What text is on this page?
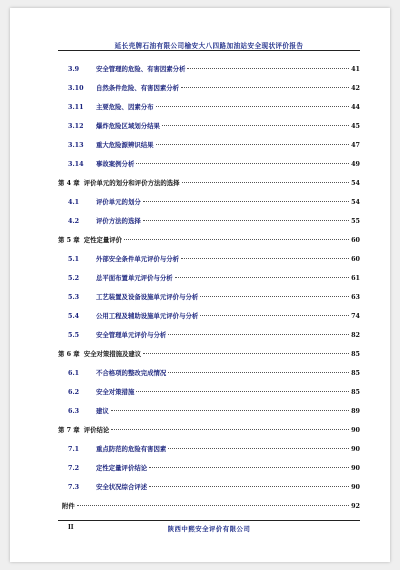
延长壳牌石油有限公司榆安大八四路加油站安全现状评价报告
3.9	安全管理的危险、有害因素分析	41
3.10	自然条件危险、有害因素分析	42
3.11	主要危险、因素分布	44
3.12	爆炸危险区域划分结果	45
3.13	重大危险源辨识结果	47
3.14	事故案例分析	49
第 4 章 评价单元的划分和评价方法的选择	54
4.1	评价单元的划分	54
4.2	评价方法的选择	55
第 5 章 定性定量评价	60
5.1	外部安全条件单元评价与分析	60
5.2	总平面布置单元评价与分析	61
5.3	工艺装置及设备设施单元评价与分析	63
5.4	公用工程及辅助设施单元评价与分析	74
5.5	安全管理单元评价与分析	82
第 6 章 安全对策措施及建议	85
6.1	不合格项的整改完成情况	85
6.2	安全对策措施	85
6.3	建议	89
第 7 章 评价结论	90
7.1	重点防范的危险有害因素	90
7.2	定性定量评价结论	90
7.3	安全状况综合评述	90
附件	92
II	陕西中熙安全评价有限公司
